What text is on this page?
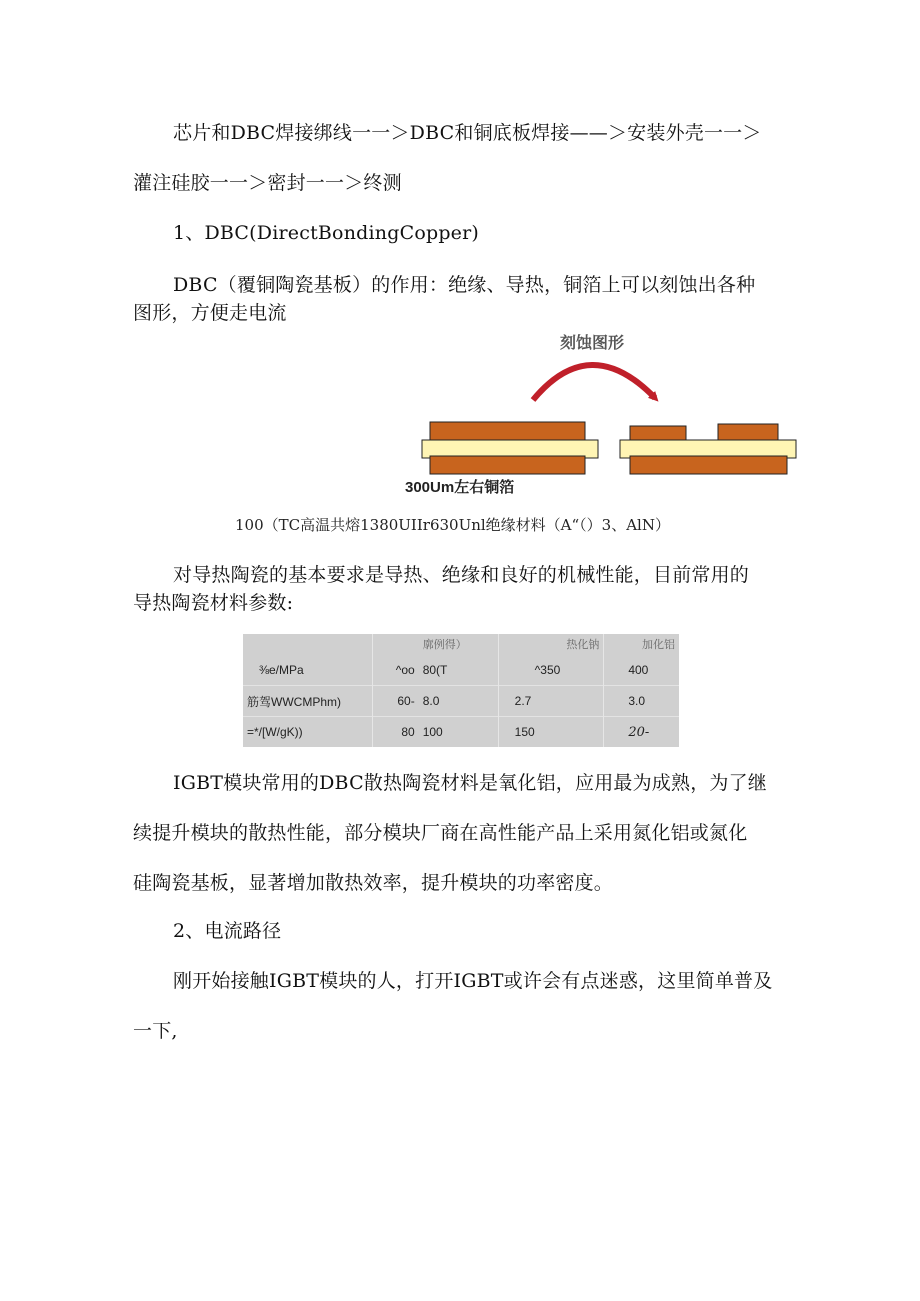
芯片和DBC焊接绑线一一＞DBC和铜底板焊接——＞安装外壳一一＞
灌注硅胶一一＞密封一一＞终测
1、DBC(DirectBondingCopper)
DBC（覆铜陶瓷基板）的作用：绝缘、导热，铜箔上可以刻蚀出各种
图形，方便走电流
刻蚀图形
300Um左右铜箔
100（TC高温共熔1380UIIr630Unl绝缘材料（A“（）3、AlN）
对导热陶瓷的基本要求是导热、绝缘和良好的机械性能，目前常用的
导热陶瓷材料参数:
		廓例得）	热化钠	加化铝
⅜e/MPa	^oo	80(T	^350	400
筋驾WWCMPhm)	60-	8.0	2.7	3.0
=*/[W/gK))	80	100	150	20-
IGBT模块常用的DBC散热陶瓷材料是氧化铝，应用最为成熟，为了继
续提升模块的散热性能，部分模块厂商在高性能产品上采用氮化铝或氮化
硅陶瓷基板，显著增加散热效率，提升模块的功率密度。
2、电流路径
刚开始接触IGBT模块的人，打开IGBT或许会有点迷惑，这里简单普及
一下,
